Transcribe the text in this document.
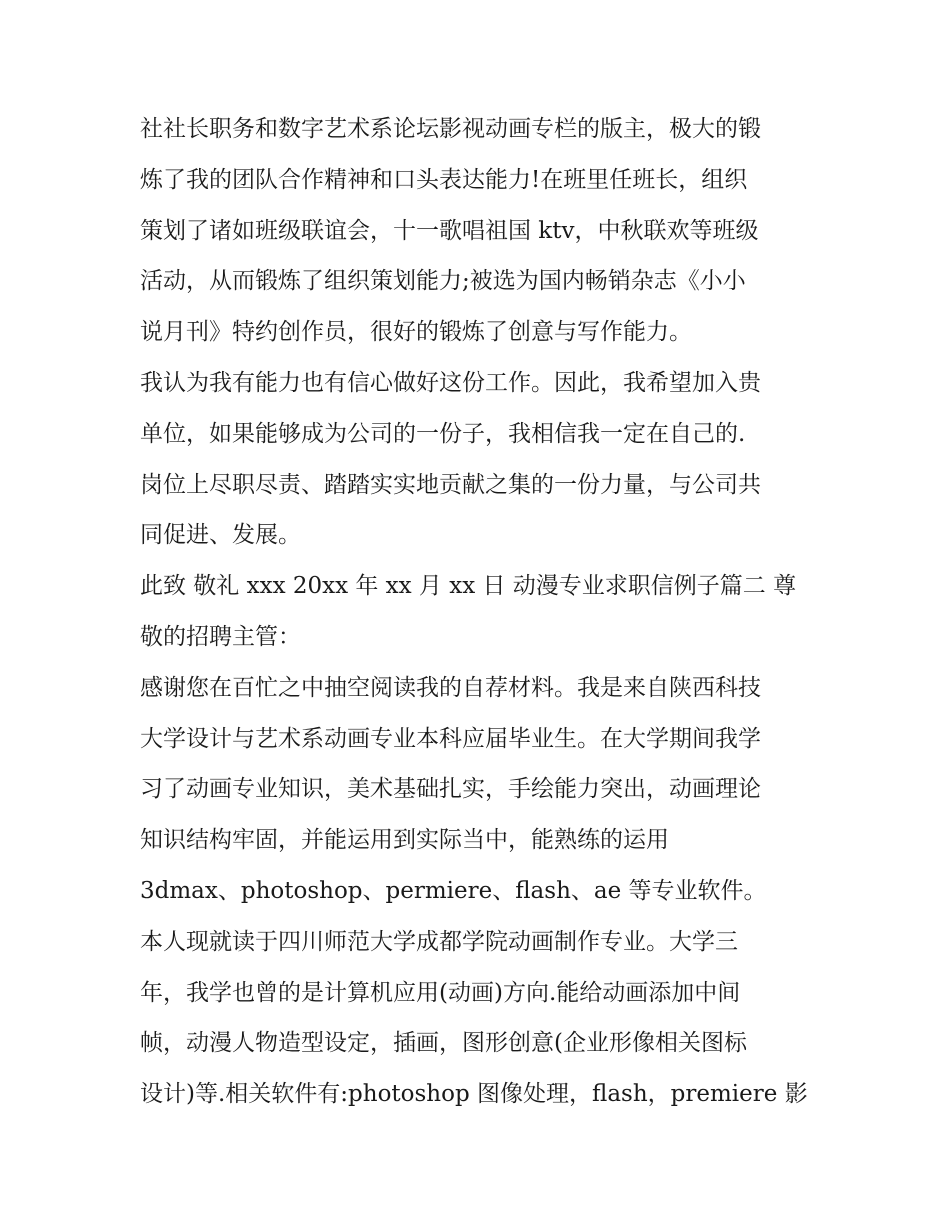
社社长职务和数字艺术系论坛影视动画专栏的版主，极大的锻
炼了我的团队合作精神和口头表达能力!在班里任班长，组织
策划了诸如班级联谊会，十一歌唱祖国 ktv，中秋联欢等班级
活动，从而锻炼了组织策划能力;被选为国内畅销杂志《小小
说月刊》特约创作员，很好的锻炼了创意与写作能力。
我认为我有能力也有信心做好这份工作。因此，我希望加入贵
单位，如果能够成为公司的一份子，我相信我一定在自己的.
岗位上尽职尽责、踏踏实实地贡献之集的一份力量，与公司共
同促进、发展。
此致 敬礼 xxx 20xx 年 xx 月 xx 日 动漫专业求职信例子篇二 尊
敬的招聘主管：
感谢您在百忙之中抽空阅读我的自荐材料。我是来自陕西科技
大学设计与艺术系动画专业本科应届毕业生。在大学期间我学
习了动画专业知识，美术基础扎实，手绘能力突出，动画理论
知识结构牢固，并能运用到实际当中，能熟练的运用
3dmax、photoshop、permiere、flash、ae 等专业软件。
本人现就读于四川师范大学成都学院动画制作专业。大学三
年，我学也曾的是计算机应用(动画)方向.能给动画添加中间
帧，动漫人物造型设定，插画，图形创意(企业形像相关图标
设计)等.相关软件有:photoshop 图像处理，flash，premiere 影
